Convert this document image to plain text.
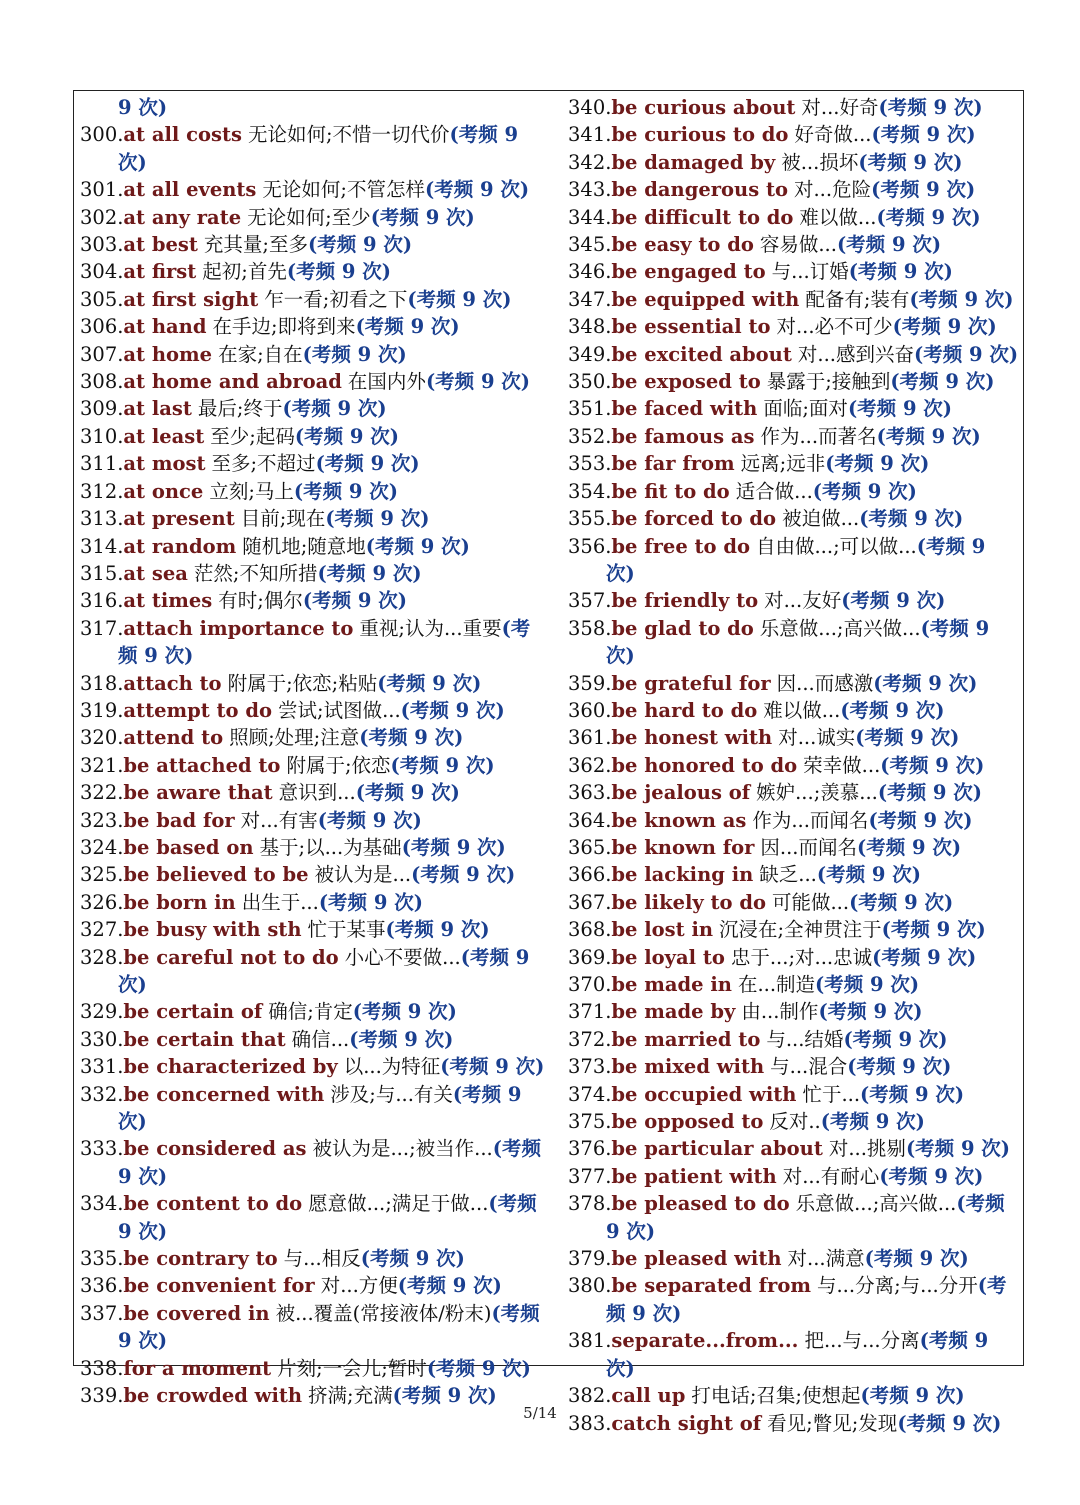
9 次)

300.at all costs 无论如何;不惜一切代价(考频 9 次)

301.at all events 无论如何;不管怎样(考频 9 次)

302.at any rate 无论如何;至少(考频 9 次)

303.at best 充其量;至多(考频 9 次)

304.at first 起初;首先(考频 9 次)

305.at first sight 乍一看;初看之下(考频 9 次)

306.at hand 在手边;即将到来(考频 9 次)

307.at home 在家;自在(考频 9 次)

308.at home and abroad 在国内外(考频 9 次)

309.at last 最后;终于(考频 9 次)

310.at least 至少;起码(考频 9 次)

311.at most 至多;不超过(考频 9 次)

312.at once 立刻;马上(考频 9 次)

313.at present 目前;现在(考频 9 次)

314.at random 随机地;随意地(考频 9 次)

315.at sea 茫然;不知所措(考频 9 次)

316.at times 有时;偶尔(考频 9 次)

317.attach importance to 重视;认为...重要(考频 9 次)

318.attach to 附属于;依恋;粘贴(考频 9 次)

319.attempt to do 尝试;试图做...(考频 9 次)

320.attend to 照顾;处理;注意(考频 9 次)

321.be attached to 附属于;依恋(考频 9 次)

322.be aware that 意识到...(考频 9 次)

323.be bad for 对...有害(考频 9 次)

324.be based on 基于;以...为基础(考频 9 次)

325.be believed to be 被认为是...(考频 9 次)

326.be born in 出生于...(考频 9 次)

327.be busy with sth 忙于某事(考频 9 次)

328.be careful not to do 小心不要做...(考频 9 次)

329.be certain of 确信;肯定(考频 9 次)

330.be certain that 确信...(考频 9 次)

331.be characterized by 以...为特征(考频 9 次)

332.be concerned with 涉及;与...有关(考频 9 次)

333.be considered as 被认为是...;被当作...(考频 9 次)

334.be content to do 愿意做...;满足于做...(考频 9 次)

335.be contrary to 与...相反(考频 9 次)

336.be convenient for 对...方便(考频 9 次)

337.be covered in 被...覆盖(常接液体/粉末)(考频 9 次)

338.for a moment 片刻;一会儿;暂时(考频 9 次)

339.be crowded with 挤满;充满(考频 9 次)

340.be curious about 对...好奇(考频 9 次)

341.be curious to do 好奇做...(考频 9 次)

342.be damaged by 被...损坏(考频 9 次)

343.be dangerous to 对...危险(考频 9 次)

344.be difficult to do 难以做...(考频 9 次)

345.be easy to do 容易做...(考频 9 次)

346.be engaged to 与...订婚(考频 9 次)

347.be equipped with 配备有;装有(考频 9 次)

348.be essential to 对...必不可少(考频 9 次)

349.be excited about 对...感到兴奋(考频 9 次)

350.be exposed to 暴露于;接触到(考频 9 次)

351.be faced with 面临;面对(考频 9 次)

352.be famous as 作为...而著名(考频 9 次)

353.be far from 远离;远非(考频 9 次)

354.be fit to do 适合做...(考频 9 次)

355.be forced to do 被迫做...(考频 9 次)

356.be free to do 自由做...;可以做...(考频 9 次)

357.be friendly to 对...友好(考频 9 次)

358.be glad to do 乐意做...;高兴做...(考频 9 次)

359.be grateful for 因...而感激(考频 9 次)

360.be hard to do 难以做...(考频 9 次)

361.be honest with 对...诚实(考频 9 次)

362.be honored to do 荣幸做...(考频 9 次)

363.be jealous of 嫉妒...;羡慕...(考频 9 次)

364.be known as 作为...而闻名(考频 9 次)

365.be known for 因...而闻名(考频 9 次)

366.be lacking in 缺乏...(考频 9 次)

367.be likely to do 可能做...(考频 9 次)

368.be lost in 沉浸在;全神贯注于(考频 9 次)

369.be loyal to 忠于...;对...忠诚(考频 9 次)

370.be made in 在...制造(考频 9 次)

371.be made by 由...制作(考频 9 次)

372.be married to 与...结婚(考频 9 次)

373.be mixed with 与...混合(考频 9 次)

374.be occupied with 忙于...(考频 9 次)

375.be opposed to 反对..(考频 9 次)

376.be particular about 对...挑剔(考频 9 次)

377.be patient with 对...有耐心(考频 9 次)

378.be pleased to do 乐意做...;高兴做...(考频 9 次)

379.be pleased with 对...满意(考频 9 次)

380.be separated from 与...分离;与...分开(考频 9 次)

381.separate...from... 把...与...分离(考频 9 次)

382.call up 打电话;召集;使想起(考频 9 次)

383.catch sight of 看见;瞥见;发现(考频 9 次)

5/14
